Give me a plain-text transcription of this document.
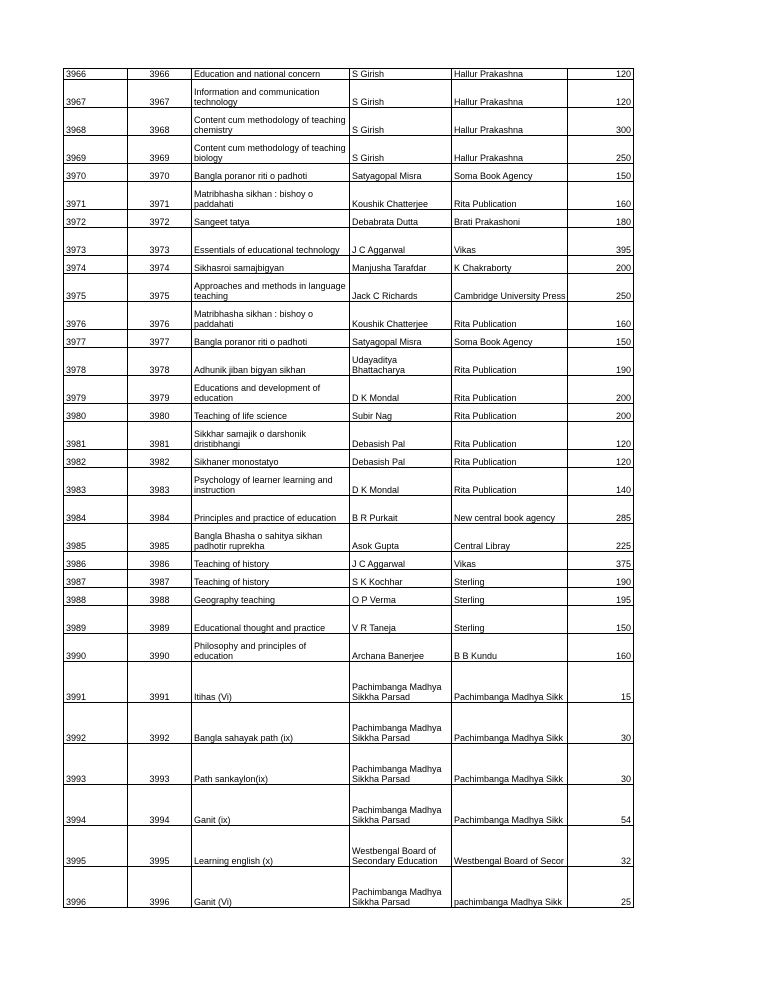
3966	3966	Education and national concern	S Girish	Hallur Prakashna	120
3967	3967	Information and communication technology	S Girish	Hallur Prakashna	120
3968	3968	Content cum methodology of teaching chemistry	S Girish	Hallur Prakashna	300
3969	3969	Content cum methodology of teaching biology	S Girish	Hallur Prakashna	250
3970	3970	Bangla poranor riti o padhoti	Satyagopal Misra	Soma Book Agency	150
3971	3971	Matribhasha sikhan : bishoy o paddahati	Koushik Chatterjee	Rita Publication	160
3972	3972	Sangeet tatya	Debabrata Dutta	Brati Prakashoni	180
3973	3973	Essentials of educational technology	J C Aggarwal	Vikas	395
3974	3974	Sikhasroi samajbigyan	Manjusha Tarafdar	K Chakraborty	200
3975	3975	Approaches and methods in language teaching	Jack C Richards	Cambridge University Press	250
3976	3976	Matribhasha sikhan : bishoy o paddahati	Koushik Chatterjee	Rita Publication	160
3977	3977	Bangla poranor riti o padhoti	Satyagopal Misra	Soma Book Agency	150
3978	3978	Adhunik jiban bigyan sikhan	Udayaditya Bhattacharya	Rita Publication	190
3979	3979	Educations and development of education	D K Mondal	Rita Publication	200
3980	3980	Teaching of life science	Subir Nag	Rita Publication	200
3981	3981	Sikkhar samajik o darshonik dristibhangi	Debasish Pal	Rita Publication	120
3982	3982	Sikhaner monostatyo	Debasish Pal	Rita Publication	120
3983	3983	Psychology of learner learning and instruction	D K Mondal	Rita Publication	140
3984	3984	Principles and practice of education	B R Purkait	New central book agency	285
3985	3985	Bangla Bhasha o sahitya sikhan padhotir ruprekha	Asok Gupta	Central Libray	225
3986	3986	Teaching of history	J C Aggarwal	Vikas	375
3987	3987	Teaching of history	S K Kochhar	Sterling	190
3988	3988	Geography teaching	O P Verma	Sterling	195
3989	3989	Educational thought and practice	V R Taneja	Sterling	150
3990	3990	Philosophy and principles of education	Archana Banerjee	B B Kundu	160
3991	3991	Itihas (Vi)	Pachimbanga Madhya Sikkha Parsad	Pachimbanga Madhya Sikk	15
3992	3992	Bangla sahayak path (ix)	Pachimbanga Madhya Sikkha Parsad	Pachimbanga Madhya Sikk	30
3993	3993	Path sankaylon(ix)	Pachimbanga Madhya Sikkha Parsad	Pachimbanga Madhya Sikk	30
3994	3994	Ganit (ix)	Pachimbanga Madhya Sikkha Parsad	Pachimbanga Madhya Sikk	54
3995	3995	Learning english (x)	Westbengal Board of Secondary Education	Westbengal Board of Secor	32
3996	3996	Ganit (Vi)	Pachimbanga Madhya Sikkha Parsad	pachimbanga Madhya Sikk	25
